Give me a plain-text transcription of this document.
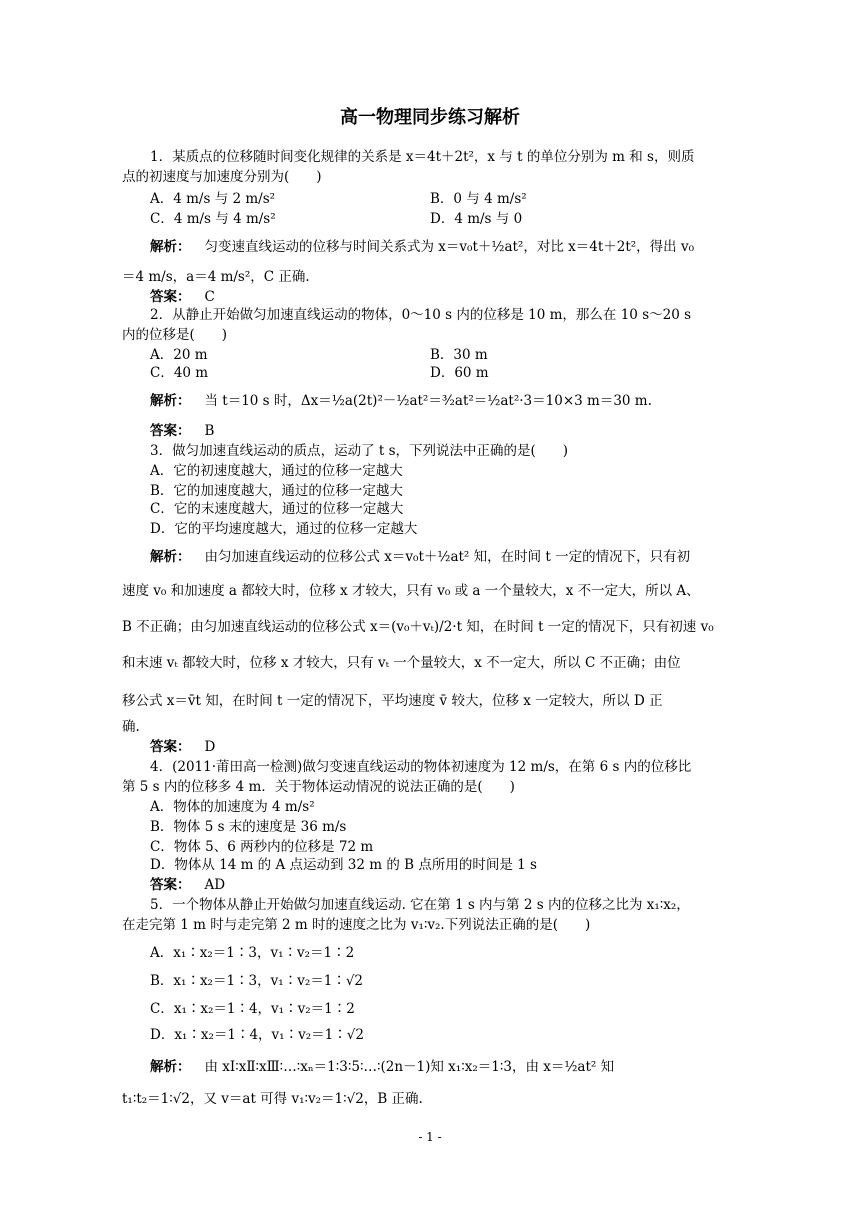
高一物理同步练习解析
1．某质点的位移随时间变化规律的关系是 x＝4t＋2t²，x 与 t 的单位分别为 m 和 s，则质
点的初速度与加速度分别为(　　)
A．4 m/s 与 2 m/s²	B．0 与 4 m/s²
C．4 m/s 与 4 m/s²	D．4 m/s 与 0
解析： 匀变速直线运动的位移与时间关系式为 x＝v₀t＋½at²，对比 x＝4t＋2t²，得出 v₀
＝4 m/s，a＝4 m/s²，C 正确.
答案： C
2．从静止开始做匀加速直线运动的物体，0～10 s 内的位移是 10 m，那么在 10 s～20 s
内的位移是(　　)
A．20 m	B．30 m
C．40 m	D．60 m
解析： 当 t＝10 s 时，Δx＝½a(2t)²－½at²＝³⁄₂at²＝½at²·3＝10×3 m＝30 m.
答案： B
3．做匀加速直线运动的质点，运动了 t s，下列说法中正确的是(　　)
A．它的初速度越大，通过的位移一定越大
B．它的加速度越大，通过的位移一定越大
C．它的末速度越大，通过的位移一定越大
D．它的平均速度越大，通过的位移一定越大
解析： 由匀加速直线运动的位移公式 x＝v₀t＋½at² 知，在时间 t 一定的情况下，只有初
速度 v₀ 和加速度 a 都较大时，位移 x 才较大，只有 v₀ 或 a 一个量较大，x 不一定大，所以 A、
B 不正确；由匀加速直线运动的位移公式 x＝(v₀＋vₜ)/2·t 知，在时间 t 一定的情况下，只有初速 v₀
和末速 vₜ 都较大时，位移 x 才较大，只有 vₜ 一个量较大，x 不一定大，所以 C 不正确；由位
移公式 x＝v̄t 知，在时间 t 一定的情况下，平均速度 v̄ 较大，位移 x 一定较大，所以 D 正
确.
答案： D
4．(2011·莆田高一检测)做匀变速直线运动的物体初速度为 12 m/s，在第 6 s 内的位移比
第 5 s 内的位移多 4 m．关于物体运动情况的说法正确的是(　　)
A．物体的加速度为 4 m/s²
B．物体 5 s 末的速度是 36 m/s
C．物体 5、6 两秒内的位移是 72 m
D．物体从 14 m 的 A 点运动到 32 m 的 B 点所用的时间是 1 s
答案： AD
5．一个物体从静止开始做匀加速直线运动. 它在第 1 s 内与第 2 s 内的位移之比为 x₁∶x₂，
在走完第 1 m 时与走完第 2 m 时的速度之比为 v₁∶v₂.下列说法正确的是(　　)
A．x₁∶x₂＝1∶3，v₁∶v₂＝1∶2
B．x₁∶x₂＝1∶3，v₁∶v₂＝1∶√2
C．x₁∶x₂＝1∶4，v₁∶v₂＝1∶2
D．x₁∶x₂＝1∶4，v₁∶v₂＝1∶√2
解析： 由 xⅠ∶xⅡ∶xⅢ∶…∶xₙ＝1∶3∶5∶…∶(2n－1)知 x₁∶x₂＝1∶3，由 x＝½at² 知
t₁∶t₂＝1∶√2，又 v＝at 可得 v₁∶v₂＝1∶√2，B 正确.
- 1 -
